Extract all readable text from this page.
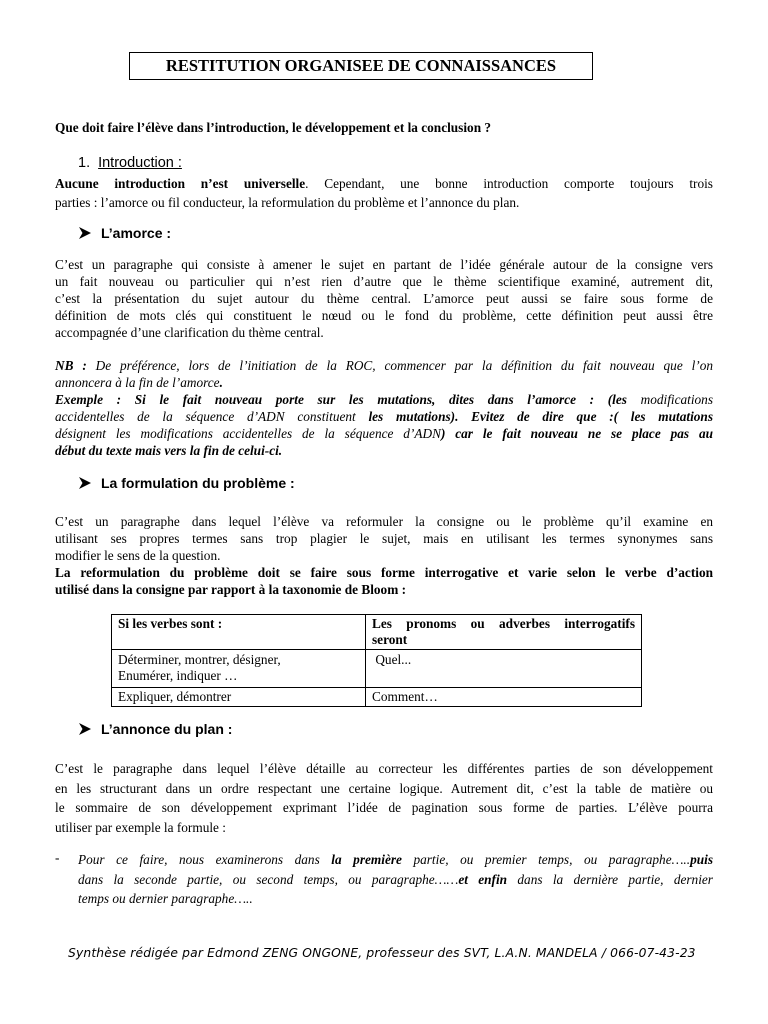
RESTITUTION ORGANISEE DE CONNAISSANCES
Que doit faire l’élève dans l’introduction, le développement et la conclusion ?
1. Introduction :

Aucune introduction n’est universelle. Cependant, une bonne introduction comporte toujours trois

parties : l’amorce ou fil conducteur, la reformulation du problème et l’annonce du plan.

L’amorce :

C’est un paragraphe qui consiste à amener le sujet en partant de l’idée générale autour de la consigne vers

un fait nouveau ou particulier qui n’est rien d’autre que le thème scientifique examiné, autrement dit,

c’est la présentation du sujet autour du thème central. L’amorce peut aussi se faire sous forme de

définition de mots clés qui constituent le nœud ou le fond du problème, cette définition peut aussi être

accompagnée d’une clarification du thème central.

NB : De préférence, lors de l’initiation de la ROC, commencer par la définition du fait nouveau que l’on

annoncera à la fin de l’amorce.

Exemple : Si le fait nouveau porte sur les mutations, dites dans l’amorce : (les modifications

accidentelles de la séquence d’ADN constituent les mutations). Evitez de dire que :( les mutations

désignent les modifications accidentelles de la séquence d’ADN) car le fait nouveau ne se place pas au

début du texte mais vers la fin de celui-ci.

La formulation du problème :

C’est un paragraphe dans lequel l’élève va reformuler la consigne ou le problème qu’il examine en

utilisant ses propres termes sans trop plagier le sujet, mais en utilisant les termes synonymes sans

modifier le sens de la question.

La reformulation du problème doit se faire sous forme interrogative et varie selon le verbe d’action

utilisé dans la consigne par rapport à la taxonomie de Bloom :

Si les verbes sont :	Les pronoms ou adverbes interrogatifs
seront

Déterminer, montrer, désigner,
Enumérer, indiquer …	Quel...
Expliquer, démontrer	Comment…
L’annonce du plan :

C’est le paragraphe dans lequel l’élève détaille au correcteur les différentes parties de son développement

en les structurant dans un ordre respectant une certaine logique. Autrement dit, c’est la table de matière ou

le sommaire de son développement exprimant l’idée de pagination sous forme de parties. L’élève pourra

utiliser par exemple la formule :

- Pour ce faire, nous examinerons dans la première partie, ou premier temps, ou paragraphe…..puis
dans la seconde partie, ou second temps, ou paragraphe……et enfin dans la dernière partie, dernier
temps ou dernier paragraphe…..
Synthèse rédigée par Edmond ZENG ONGONE, professeur des SVT, L.A.N. MANDELA / 066-07-43-23
